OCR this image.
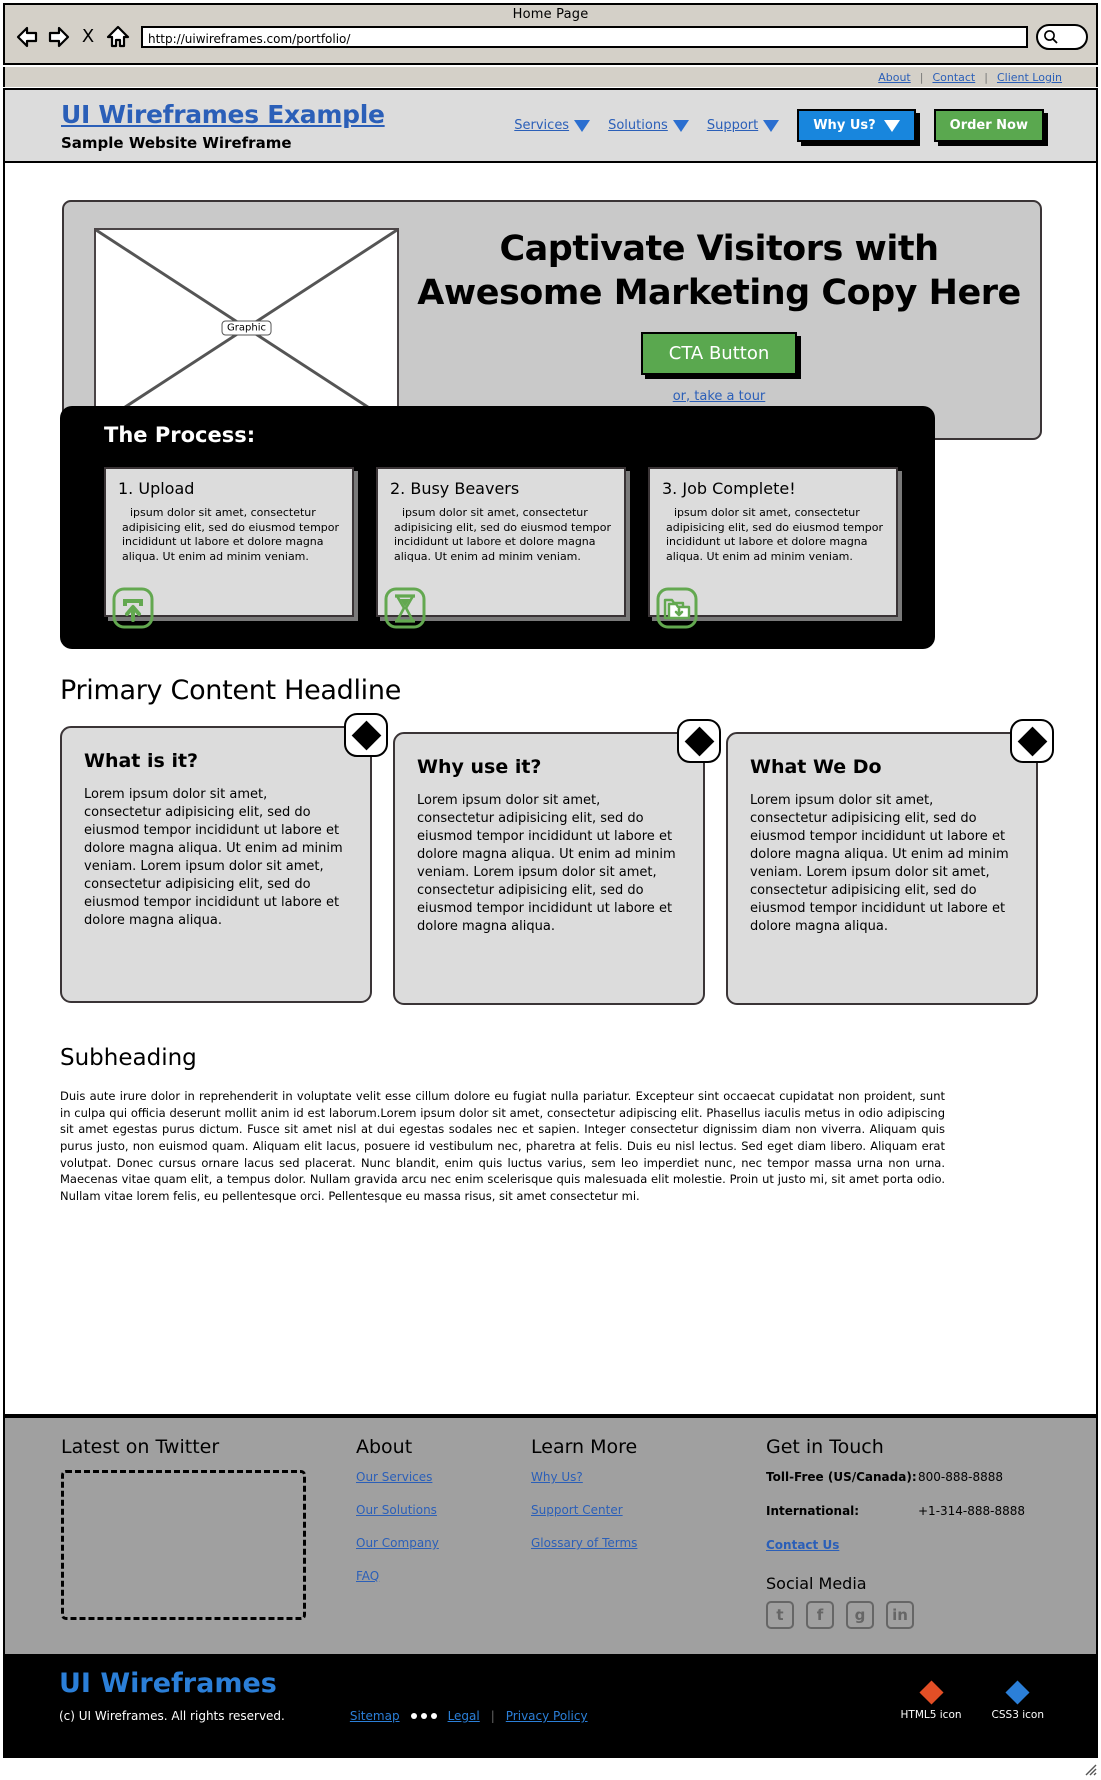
Home Page
X	http://uiwireframes.com/portfolio/
About | Contact | Client Login
UI Wireframes Example
Sample Website Wireframe
Services	Solutions	Support	Why Us?	Order Now
Graphic
Captivate Visitors with Awesome Marketing Copy Here
CTA Button
or, take a tour
The Process:
1. Upload

ipsum dolor sit amet, consectetur adipisicing elit, sed do eiusmod tempor incididunt ut labore et dolore magna aliqua. Ut enim ad minim veniam.

2. Busy Beavers

ipsum dolor sit amet, consectetur adipisicing elit, sed do eiusmod tempor incididunt ut labore et dolore magna aliqua. Ut enim ad minim veniam.

3. Job Complete!

ipsum dolor sit amet, consectetur adipisicing elit, sed do eiusmod tempor incididunt ut labore et dolore magna aliqua. Ut enim ad minim veniam.

Primary Content Headline
What is it?

Lorem ipsum dolor sit amet, consectetur adipisicing elit, sed do eiusmod tempor incididunt ut labore et dolore magna aliqua. Ut enim ad minim veniam. Lorem ipsum dolor sit amet, consectetur adipisicing elit, sed do eiusmod tempor incididunt ut labore et dolore magna aliqua.

Why use it?

Lorem ipsum dolor sit amet, consectetur adipisicing elit, sed do eiusmod tempor incididunt ut labore et dolore magna aliqua. Ut enim ad minim veniam. Lorem ipsum dolor sit amet, consectetur adipisicing elit, sed do eiusmod tempor incididunt ut labore et dolore magna aliqua.

What We Do

Lorem ipsum dolor sit amet, consectetur adipisicing elit, sed do eiusmod tempor incididunt ut labore et dolore magna aliqua. Ut enim ad minim veniam. Lorem ipsum dolor sit amet, consectetur adipisicing elit, sed do eiusmod tempor incididunt ut labore et dolore magna aliqua.

Subheading
Duis aute irure dolor in reprehenderit in voluptate velit esse cillum dolore eu fugiat nulla pariatur. Excepteur sint occaecat cupidatat non proident, sunt in culpa qui officia deserunt mollit anim id est laborum.Lorem ipsum dolor sit amet, consectetur adipiscing elit. Phasellus iaculis metus in odio adipiscing sit amet egestas purus dictum. Fusce sit amet nisl at dui egestas sodales nec et sapien. Integer consectetur dignissim diam non viverra. Aliquam quis purus justo, non euismod quam. Aliquam elit lacus, posuere id vestibulum nec, pharetra at felis. Duis eu nisl lectus. Sed eget diam libero. Aliquam erat volutpat. Donec cursus ornare lacus sed placerat. Nunc blandit, enim quis luctus varius, sem leo imperdiet nunc, nec tempor massa urna non urna. Maecenas vitae quam elit, a tempus dolor. Nullam gravida arcu nec enim scelerisque quis malesuada elit molestie. Proin ut justo mi, sit amet porta odio. Nullam vitae lorem felis, eu pellentesque orci. Pellentesque eu massa risus, sit amet consectetur mi.
Latest on Twitter	About
Our Services
Our Solutions
Our Company
FAQ
Learn More
Why Us?
Support Center
Glossary of Terms
Get in Touch
Toll-Free (US/Canada): 800-888-8888
International:	+1-314-888-8888
Contact Us
Social Media
t	f	g	in
UI Wireframes
(c) UI Wireframes. All rights reserved.	Sitemap	Legal | Privacy Policy	HTML5 icon	CSS3 icon
